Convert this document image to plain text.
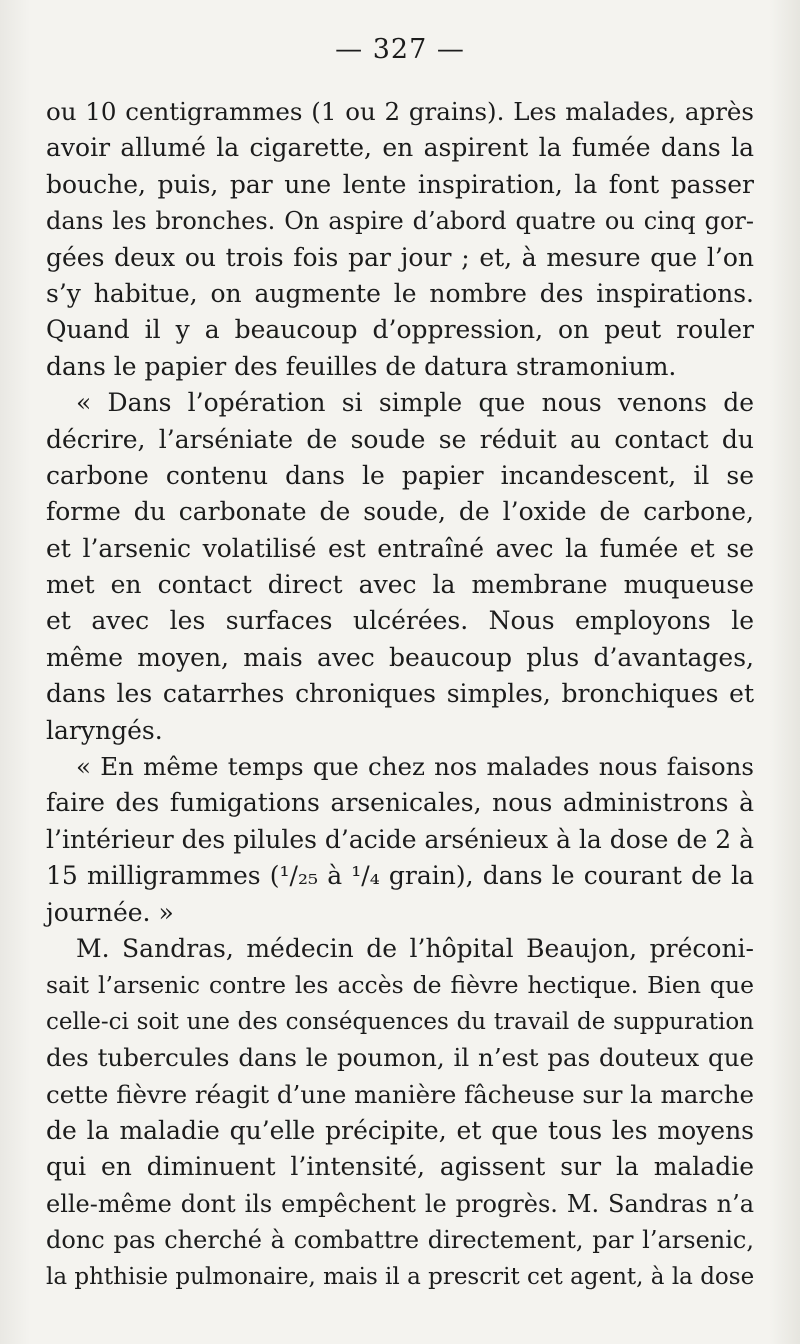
— 327 —
ou 10 centigrammes (1 ou 2 grains). Les malades, après
avoir allumé la cigarette, en aspirent la fumée dans la
bouche, puis, par une lente inspiration, la font passer
dans les bronches. On aspire d’abord quatre ou cinq gor-
gées deux ou trois fois par jour ; et, à mesure que l’on
s’y habitue, on augmente le nombre des inspirations.
Quand il y a beaucoup d’oppression, on peut rouler
dans le papier des feuilles de datura stramonium.
« Dans l’opération si simple que nous venons de
décrire, l’arséniate de soude se réduit au contact du
carbone contenu dans le papier incandescent, il se
forme du carbonate de soude, de l’oxide de carbone,
et l’arsenic volatilisé est entraîné avec la fumée et se
met en contact direct avec la membrane muqueuse
et avec les surfaces ulcérées. Nous employons le
même moyen, mais avec beaucoup plus d’avantages,
dans les catarrhes chroniques simples, bronchiques et
laryngés.
« En même temps que chez nos malades nous faisons
faire des fumigations arsenicales, nous administrons à
l’intérieur des pilules d’acide arsénieux à la dose de 2 à
15 milligrammes (¹/₂₅ à ¹/₄ grain), dans le courant de la
journée. »
M. Sandras, médecin de l’hôpital Beaujon, préconi-
sait l’arsenic contre les accès de fièvre hectique. Bien que
celle-ci soit une des conséquences du travail de suppuration
des tubercules dans le poumon, il n’est pas douteux que
cette fièvre réagit d’une manière fâcheuse sur la marche
de la maladie qu’elle précipite, et que tous les moyens
qui en diminuent l’intensité, agissent sur la maladie
elle-même dont ils empêchent le progrès. M. Sandras n’a
donc pas cherché à combattre directement, par l’arsenic,
la phthisie pulmonaire, mais il a prescrit cet agent, à la dose
